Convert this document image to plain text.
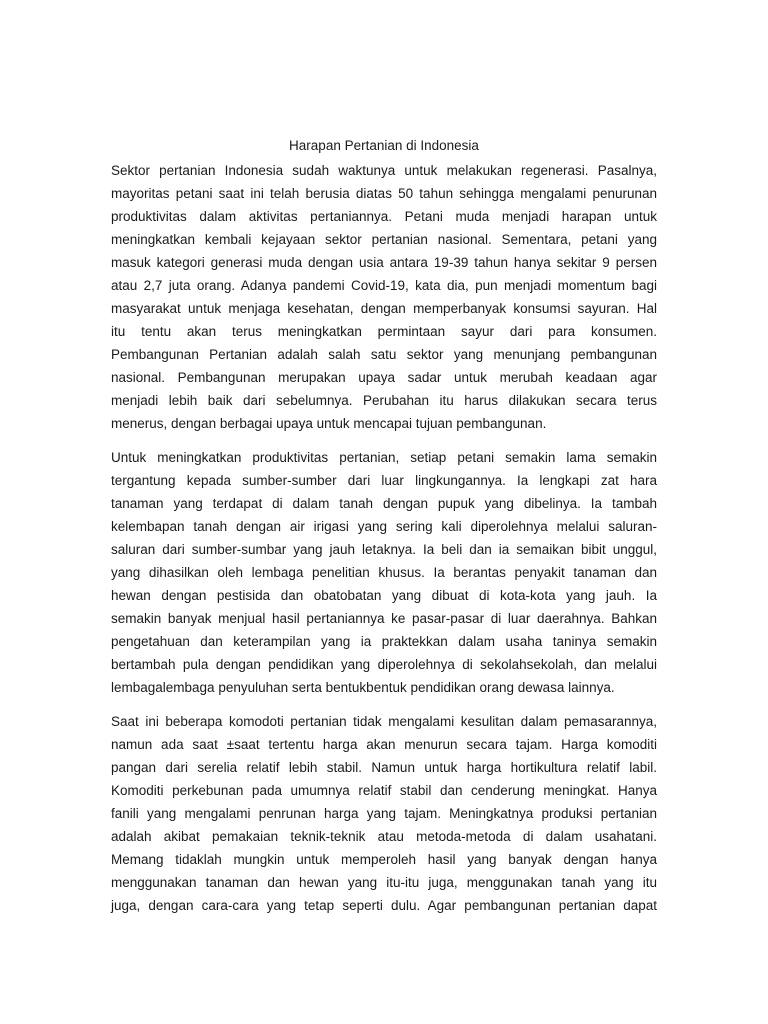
Harapan Pertanian di Indonesia
Sektor pertanian Indonesia sudah waktunya untuk melakukan regenerasi. Pasalnya,
mayoritas petani saat ini telah berusia diatas 50 tahun sehingga mengalami penurunan
produktivitas dalam aktivitas pertaniannya. Petani muda menjadi harapan untuk
meningkatkan kembali kejayaan sektor pertanian nasional. Sementara, petani yang
masuk kategori generasi muda dengan usia antara 19-39 tahun hanya sekitar 9 persen
atau 2,7 juta orang. Adanya pandemi Covid-19, kata dia, pun menjadi momentum bagi
masyarakat untuk menjaga kesehatan, dengan memperbanyak konsumsi sayuran. Hal
itu tentu akan terus meningkatkan permintaan sayur dari para konsumen.
Pembangunan Pertanian adalah salah satu sektor yang menunjang pembangunan
nasional. Pembangunan merupakan upaya sadar untuk merubah keadaan agar
menjadi lebih baik dari sebelumnya. Perubahan itu harus dilakukan secara terus
menerus, dengan berbagai upaya untuk mencapai tujuan pembangunan.
Untuk meningkatkan produktivitas pertanian, setiap petani semakin lama semakin
tergantung kepada sumber-sumber dari luar lingkungannya. Ia lengkapi zat hara
tanaman yang terdapat di dalam tanah dengan pupuk yang dibelinya. Ia tambah
kelembapan tanah dengan air irigasi yang sering kali diperolehnya melalui saluran-
saluran dari sumber-sumbar yang jauh letaknya. Ia beli dan ia semaikan bibit unggul,
yang dihasilkan oleh lembaga penelitian khusus. Ia berantas penyakit tanaman dan
hewan dengan pestisida dan obatobatan yang dibuat di kota-kota yang jauh. Ia
semakin banyak menjual hasil pertaniannya ke pasar-pasar di luar daerahnya. Bahkan
pengetahuan dan keterampilan yang ia praktekkan dalam usaha taninya semakin
bertambah pula dengan pendidikan yang diperolehnya di sekolahsekolah, dan melalui
lembagalembaga penyuluhan serta bentukbentuk pendidikan orang dewasa lainnya.
Saat ini beberapa komodoti pertanian tidak mengalami kesulitan dalam pemasarannya,
namun ada saat ±saat tertentu harga akan menurun secara tajam. Harga komoditi
pangan dari serelia relatif lebih stabil. Namun untuk harga hortikultura relatif labil.
Komoditi perkebunan pada umumnya relatif stabil dan cenderung meningkat. Hanya
fanili yang mengalami penrunan harga yang tajam. Meningkatnya produksi pertanian
adalah akibat pemakaian teknik-teknik atau metoda-metoda di dalam usahatani.
Memang tidaklah mungkin untuk memperoleh hasil yang banyak dengan hanya
menggunakan tanaman dan hewan yang itu-itu juga, menggunakan tanah yang itu
juga, dengan cara-cara yang tetap seperti dulu. Agar pembangunan pertanian dapat
